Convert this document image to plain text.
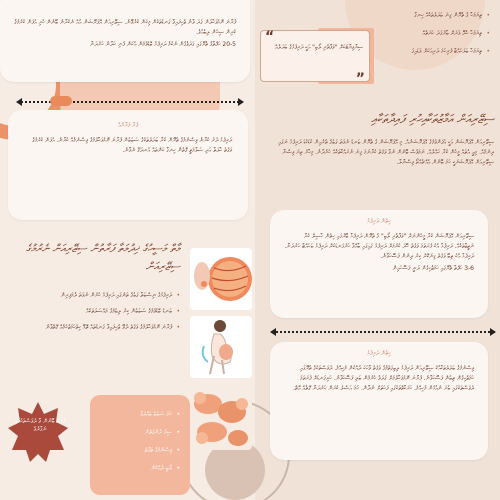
ފުރާނަ ނޮޅުވަހާލަން ގަދަ ވާނެ ޖެހިފައިވާ ގަނޑުތަކުން މިކަން ކުރެވޭނެ. ސިޒޭރިއަން އޮޕަރޭޝަން އެއް ނުކުރާނެ ބޭނުން ހުރި އުފަން ކުރުމުގެ ކުރިން ސިހުން ލިބެއެވެ.

20-5 ހަފްތާގެ ތެރޭގައި ގަދަވެގެން ނުކުމެ ދަރިފުޅު ބޮޑުވުމުން އެކަން ފެނި ހަދާނެ ހަރުދަނާ

ފުރާ ޤަރާރެއް

ދަރިފުޅު ދުރު ކުރާނެ ވިސްނުމުގެ ތެރޭން ކުރާ ބަދަލުތަކުގެ ސަބަބުން ފުރާނަ ނޮޅުވަހާލުމުގެ ވިސްނުމެއް ކުރާނެ. އުފަން ކުރުމުގެ ވަގުތު ހާލަތާ އަދި ސަލާމަތީ ގޮތުން ހިނގާ ކަންތައް އުނދަގޫ ނުވާނެ.

މާތް މަސީހުގެ ޚިދުމަތާ ފަރާތުން ސިޒޭރިއަން ނެރުމުގެ ސިޒޭރިއަން
ދަރިފުޅުގެ ނިސްބަތާ ގަބުގެ ތަނުގައި ދަރިފުޅު ހުރުން ނުވަތަ ދެމަފިރިން •
ބަނޑު ބޮޑުވުމުގެ ސަބަބުން ކިރު ލިބުމުގެ މައްސަލަތަކެއް •
ފުރާނަ ނޮޅުވަހާލުމުގެ ވަގުތު ދެވޭ ޖެހިފައިވާ ގަނޑުތައް ތޮޅޭ ހިތުހަމަޖެހުމެއް ގޮތްވާނެ •
ފަރުވާ ބޭނުން ވާ ދުވަސްތަކުގައި ނަގާށެވެ
ހަމަ ސަބަބު ބައްލަވާ •
ސިފަ ދެނެގަތުން •
ވިސްނުމުގެ ތަފާތު •
ލޯބި ދެއްކުން •
ތިޔަމަހާ ގެ ތެރޭން ގިނަ ބަދަލުތަކެއް ހިނގާ •
ތިޔަމަހާ ހެދޭ ވަރަށް ބާރުގަދަ ހަޔަތެއް •
ތިޔަމަހާ ބަލަހައްޓާ ފުރިހަމަ ދަރިއަކަށް ވަޑައިގަ •
“
”

ސިޔާވިޔާޓަކަށް "ވަފާތެރި ލޯބި" އަކީ ދަރިފުޅުގެ ބަދަލެއް

ސިޒޭރިއަން އަމާޒުތަކާއިހުރި ފައިދާތަކާއި

ސިޒޭރިއަން އޮޕަރޭޝަން އަކީ އުފަންވުމުގެ އޮޕަރޭޝަނެއް. މި އޮޕަރޭޝަން ގެ ތެރޭން ބަނޑު ނުވަތަ ގަބުގެ ތެރެއިން ކުޑަކުޑަ ދަރިފުޅު ނަގައި ދިނުމެއް. މިއީ އެތައް މީހުން ކުރާ ހައްލެއް. ނަމަވެސް ބޭނުން ނުވާ ވަގުތު ކުރާނަމަ ގިނަ ނުރައްކާތަކެއް ހުރެދާނެ. މިހާރު ތިޔަ ވިސްނާ ސިޒޭރިއަން އޮޕަރޭޝަނަކީ ހަމަ ބޭނުން އެއްޗެއްތޯ ވިސްނާލާ.

ހިތުން ދަރިފުޅު

ސިޒޭރިއަން އޮޕަރޭޝަން ކުރާ މީހުންނަށް "ވަފާތެރި ލޯބި" ގެ ތެރޭން ދަރިފުޅާ ބޭރުގައި ހިތުން ހާސިލް ކުރާ ނަތީޖާތަކެއް. ދަރިފުޅާ އެކު ފުރަތަމަ ވަގުތު ހޭދަ ކުރުމަށް ދަރިފުޅު ގައިގައި ބާއްވާ ހަރުގަނޑަކަށް ދަރިފުޅު ބަހައްޓާ ހަރުދަނާ. ދަރިފުޅާ އެކު ތިބޭ ވަގުތު ގިނަކޮށް ކިރު ދިނުން ފަސޭހަވާނެ.

3-6 ހަފްތާ ތެރޭގައި ހަމަޖެހިގެން ދަނީ ފަސޭހައިން

ހިތުން ދަރިފުޅު

ވިސްނުމުގެ ބަދަލުތަކާއެކު ސިޒޭރިއަން ދަރިފުޅު ލިބިގަތުމުގެ ވަގުތު ވާހަކަ ދެއްކުން މުހިއްމު. ދުވަސްތަކުގެ ތެރޭގައި ހަމަޖެހިގެން ތިބުން ފަސޭހަވާނެ. ފުރާނަ ނޮޅުވަހާލުމަށް ގަދަވެ ހުރުމުން ބަލި ފަސޭހަވާނެ. ހަށިގަނޑަށް ފުރަތަމަ ދުވަސްތަކުގައި ބުރަ ނުއެޅުން މުހިއްމު. ހަރަކާތްތަކުގައި ފަހަތަށް ނުދާން. ހަމަ އަސްލު ކުރަން ހަރުދަނާ ގޮތެއް އޮތް.
